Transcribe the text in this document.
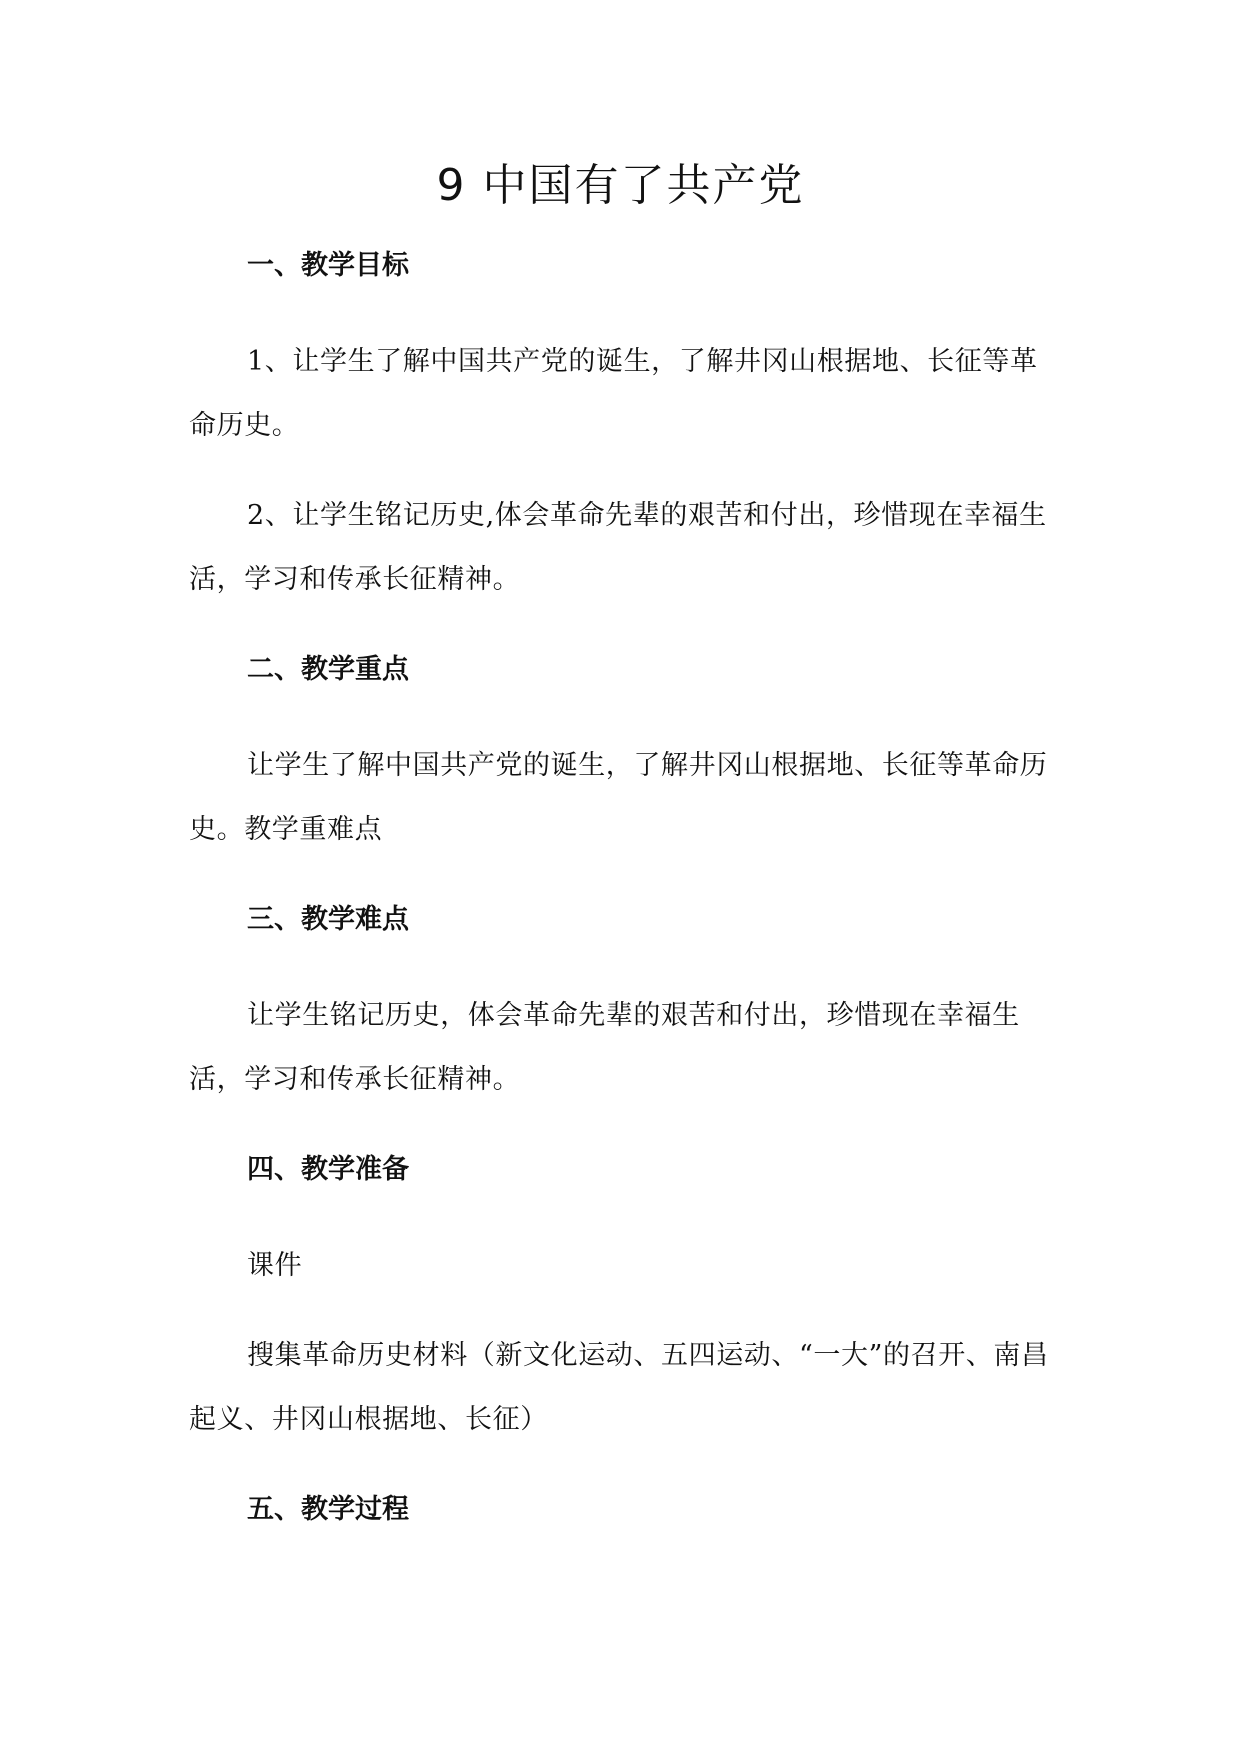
9 中国有了共产党
一、教学目标

1、让学生了解中国共产党的诞生，了解井冈山根据地、长征等革命历史。

2、让学生铭记历史,体会革命先辈的艰苦和付出，珍惜现在幸福生活，学习和传承长征精神。

二、教学重点

让学生了解中国共产党的诞生，了解井冈山根据地、长征等革命历史。教学重难点

三、教学难点

让学生铭记历史，体会革命先辈的艰苦和付出，珍惜现在幸福生活，学习和传承长征精神。

四、教学准备

课件

搜集革命历史材料（新文化运动、五四运动、“一大”的召开、南昌起义、井冈山根据地、长征）

五、教学过程
